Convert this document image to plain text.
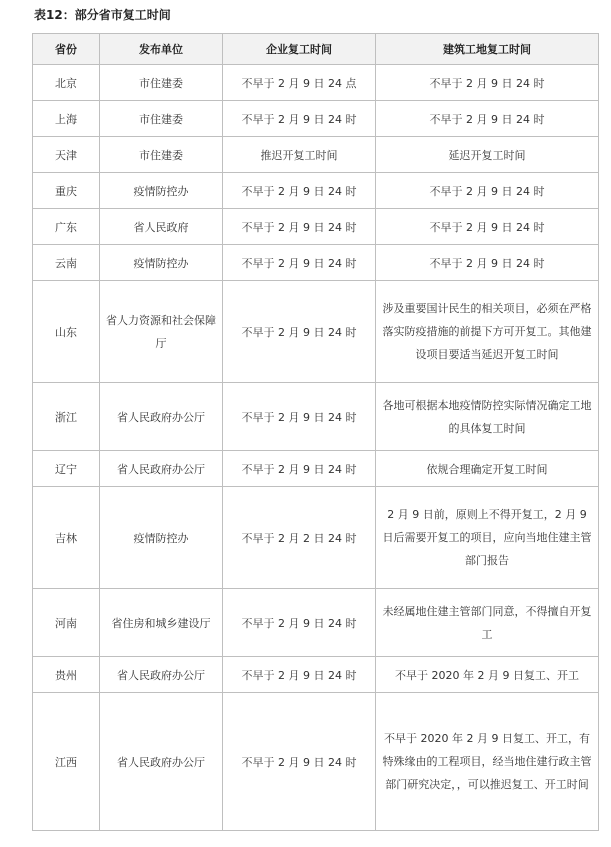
表12：部分省市复工时间
省份	发布单位	企业复工时间	建筑工地复工时间
北京	市住建委	不早于 2 月 9 日 24 点	不早于 2 月 9 日 24 时
上海	市住建委	不早于 2 月 9 日 24 时	不早于 2 月 9 日 24 时
天津	市住建委	推迟开复工时间	延迟开复工时间
重庆	疫情防控办	不早于 2 月 9 日 24 时	不早于 2 月 9 日 24 时
广东	省人民政府	不早于 2 月 9 日 24 时	不早于 2 月 9 日 24 时
云南	疫情防控办	不早于 2 月 9 日 24 时	不早于 2 月 9 日 24 时
山东	省人力资源和社会保障厅	不早于 2 月 9 日 24 时	涉及重要国计民生的相关项目，必须在严格落实防疫措施的前提下方可开复工。其他建设项目要适当延迟开复工时间
浙江	省人民政府办公厅	不早于 2 月 9 日 24 时	各地可根据本地疫情防控实际情况确定工地的具体复工时间
辽宁	省人民政府办公厅	不早于 2 月 9 日 24 时	依规合理确定开复工时间
吉林	疫情防控办	不早于 2 月 2 日 24 时	2 月 9 日前，原则上不得开复工，2 月 9 日后需要开复工的项目，应向当地住建主管部门报告
河南	省住房和城乡建设厅	不早于 2 月 9 日 24 时	未经属地住建主管部门同意，不得擅自开复工
贵州	省人民政府办公厅	不早于 2 月 9 日 24 时	不早于 2020 年 2 月 9 日复工、开工
江西	省人民政府办公厅	不早于 2 月 9 日 24 时	不早于 2020 年 2 月 9 日复工、开工，有特殊缘由的工程项目，经当地住建行政主管部门研究决定，，可以推迟复工、开工时间
